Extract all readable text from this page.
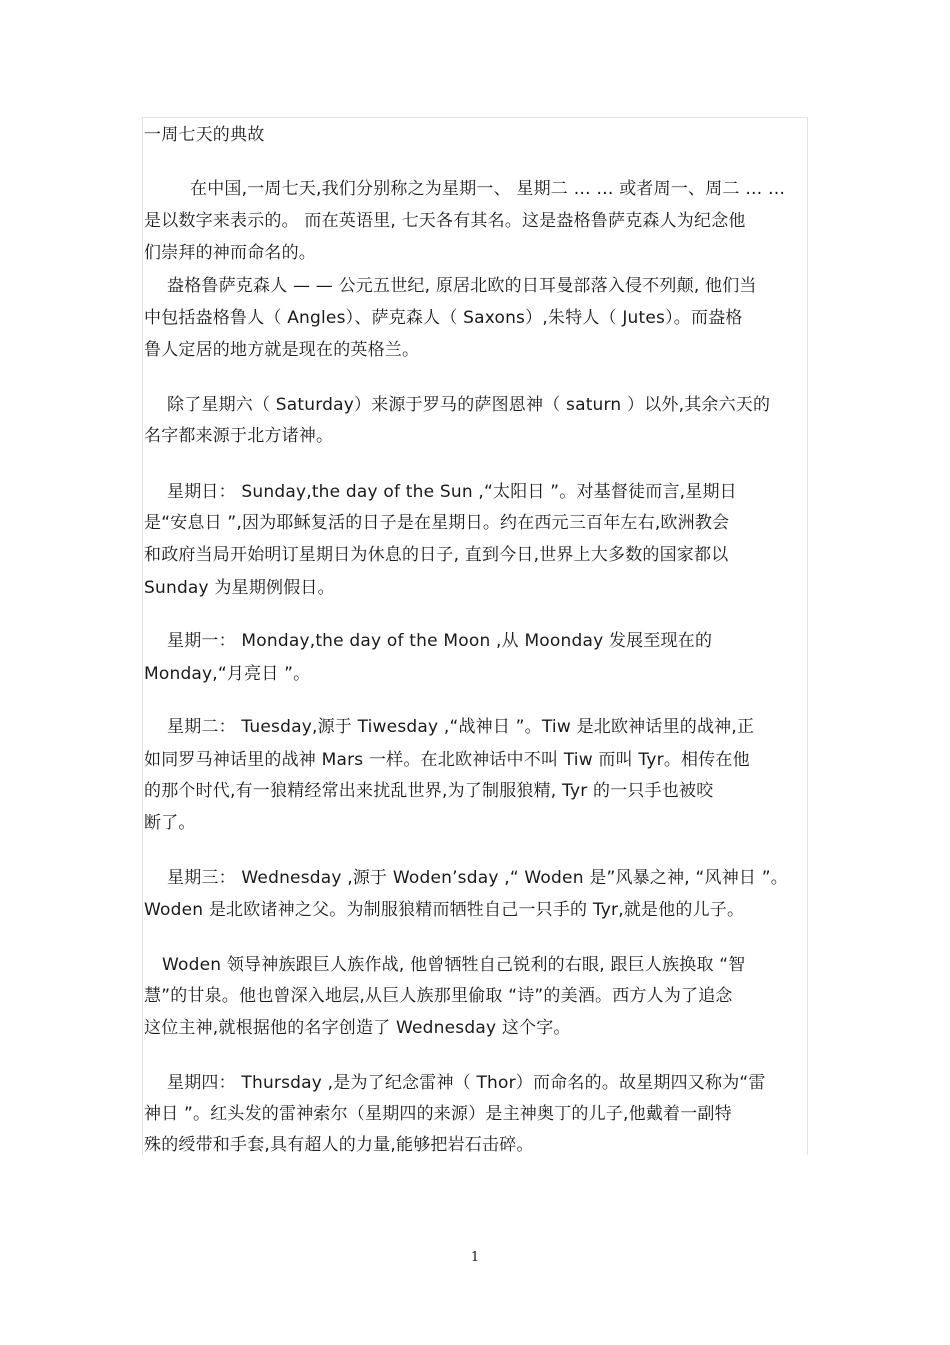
一周七天的典故
在中国,一周七天,我们分别称之为星期一、 星期二 … … 或者周一、周二 … …
是以数字来表示的。 而在英语里, 七天各有其名。这是盎格鲁萨克森人为纪念他
们崇拜的神而命名的。
盎格鲁萨克森人 — — 公元五世纪, 原居北欧的日耳曼部落入侵不列颠, 他们当
中包括盎格鲁人（ Angles）、萨克森人（ Saxons）,朱特人（ Jutes）。而盎格
鲁人定居的地方就是现在的英格兰。
除了星期六（ Saturday）来源于罗马的萨图恩神（ saturn ）以外,其余六天的
名字都来源于北方诸神。
星期日： Sunday,the day of the Sun ,“太阳日 ”。对基督徒而言,星期日
是“安息日 ”,因为耶稣复活的日子是在星期日。约在西元三百年左右,欧洲教会
和政府当局开始明订星期日为休息的日子, 直到今日,世界上大多数的国家都以
Sunday 为星期例假日。
星期一： Monday,the day of the Moon ,从 Moonday 发展至现在的
Monday,“月亮日 ”。
星期二： Tuesday,源于 Tiwesday ,“战神日 ”。Tiw 是北欧神话里的战神,正
如同罗马神话里的战神 Mars 一样。在北欧神话中不叫 Tiw 而叫 Tyr。相传在他
的那个时代,有一狼精经常出来扰乱世界,为了制服狼精, Tyr 的一只手也被咬
断了。
星期三： Wednesday ,源于 Woden’sday ,“ Woden 是”风暴之神, “风神日 ”。
Woden 是北欧诸神之父。为制服狼精而牺牲自己一只手的 Tyr,就是他的儿子。
Woden 领导神族跟巨人族作战, 他曾牺牲自己锐利的右眼, 跟巨人族换取 “智
慧”的甘泉。他也曾深入地层,从巨人族那里偷取 “诗”的美酒。西方人为了追念
这位主神,就根据他的名字创造了 Wednesday 这个字。
星期四： Thursday ,是为了纪念雷神（ Thor）而命名的。故星期四又称为“雷
神日 ”。红头发的雷神索尔（星期四的来源）是主神奥丁的儿子,他戴着一副特
殊的绶带和手套,具有超人的力量,能够把岩石击碎。
1
